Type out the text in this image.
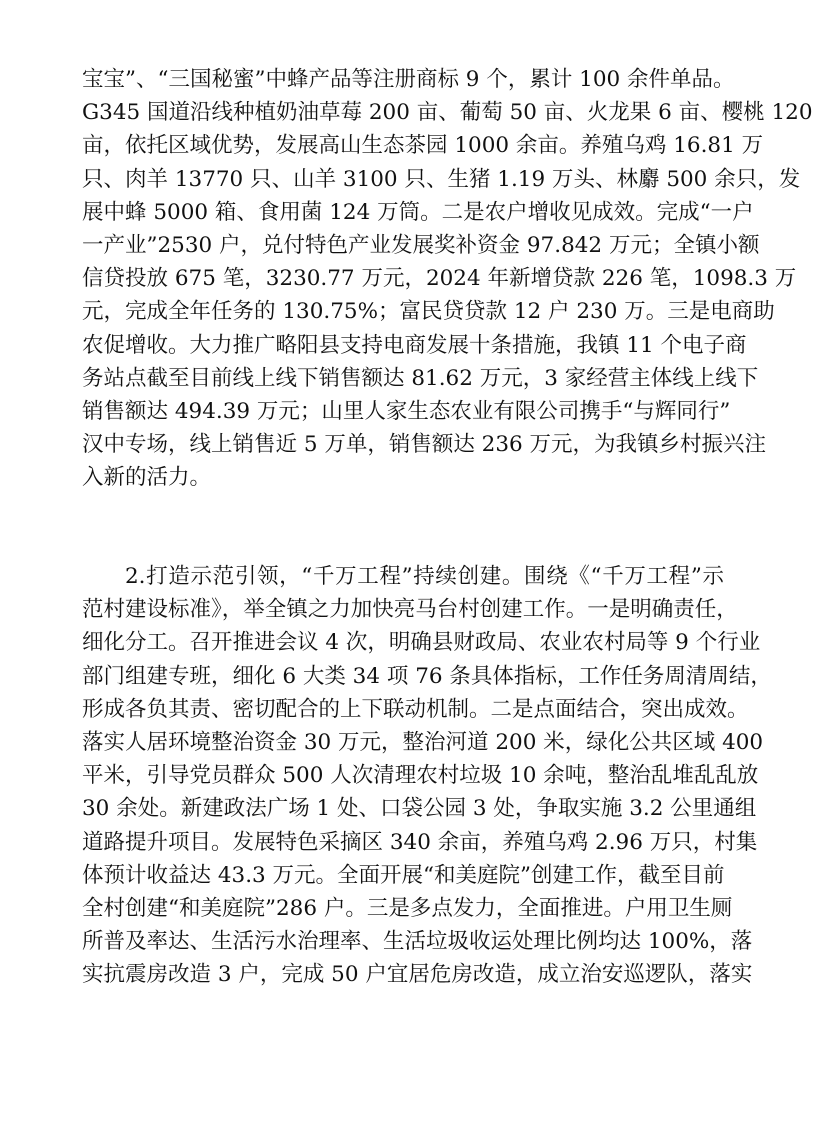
宝宝”、“三国秘蜜”中蜂产品等注册商标 9 个，累计 100 余件单品。
G345 国道沿线种植奶油草莓 200 亩、葡萄 50 亩、火龙果 6 亩、樱桃 120
亩，依托区域优势，发展高山生态茶园 1000 余亩。养殖乌鸡 16.81 万
只、肉羊 13770 只、山羊 3100 只、生猪 1.19 万头、林麝 500 余只，发
展中蜂 5000 箱、食用菌 124 万筒。二是农户增收见成效。完成“一户
一产业”2530 户，兑付特色产业发展奖补资金 97.842 万元；全镇小额
信贷投放 675 笔，3230.77 万元，2024 年新增贷款 226 笔，1098.3 万
元，完成全年任务的 130.75%；富民贷贷款 12 户 230 万。三是电商助
农促增收。大力推广略阳县支持电商发展十条措施，我镇 11 个电子商
务站点截至目前线上线下销售额达 81.62 万元，3 家经营主体线上线下
销售额达 494.39 万元；山里人家生态农业有限公司携手“与辉同行”
汉中专场，线上销售近 5 万单，销售额达 236 万元，为我镇乡村振兴注
入新的活力。
2.打造示范引领，“千万工程”持续创建。围绕《“千万工程”示
范村建设标准》，举全镇之力加快亮马台村创建工作。一是明确责任，
细化分工。召开推进会议 4 次，明确县财政局、农业农村局等 9 个行业
部门组建专班，细化 6 大类 34 项 76 条具体指标，工作任务周清周结，
形成各负其责、密切配合的上下联动机制。二是点面结合，突出成效。
落实人居环境整治资金 30 万元，整治河道 200 米，绿化公共区域 400
平米，引导党员群众 500 人次清理农村垃圾 10 余吨，整治乱堆乱乱放
30 余处。新建政法广场 1 处、口袋公园 3 处，争取实施 3.2 公里通组
道路提升项目。发展特色采摘区 340 余亩，养殖乌鸡 2.96 万只，村集
体预计收益达 43.3 万元。全面开展“和美庭院”创建工作，截至目前
全村创建“和美庭院”286 户。三是多点发力，全面推进。户用卫生厕
所普及率达、生活污水治理率、生活垃圾收运处理比例均达 100%，落
实抗震房改造 3 户，完成 50 户宜居危房改造，成立治安巡逻队，落实
